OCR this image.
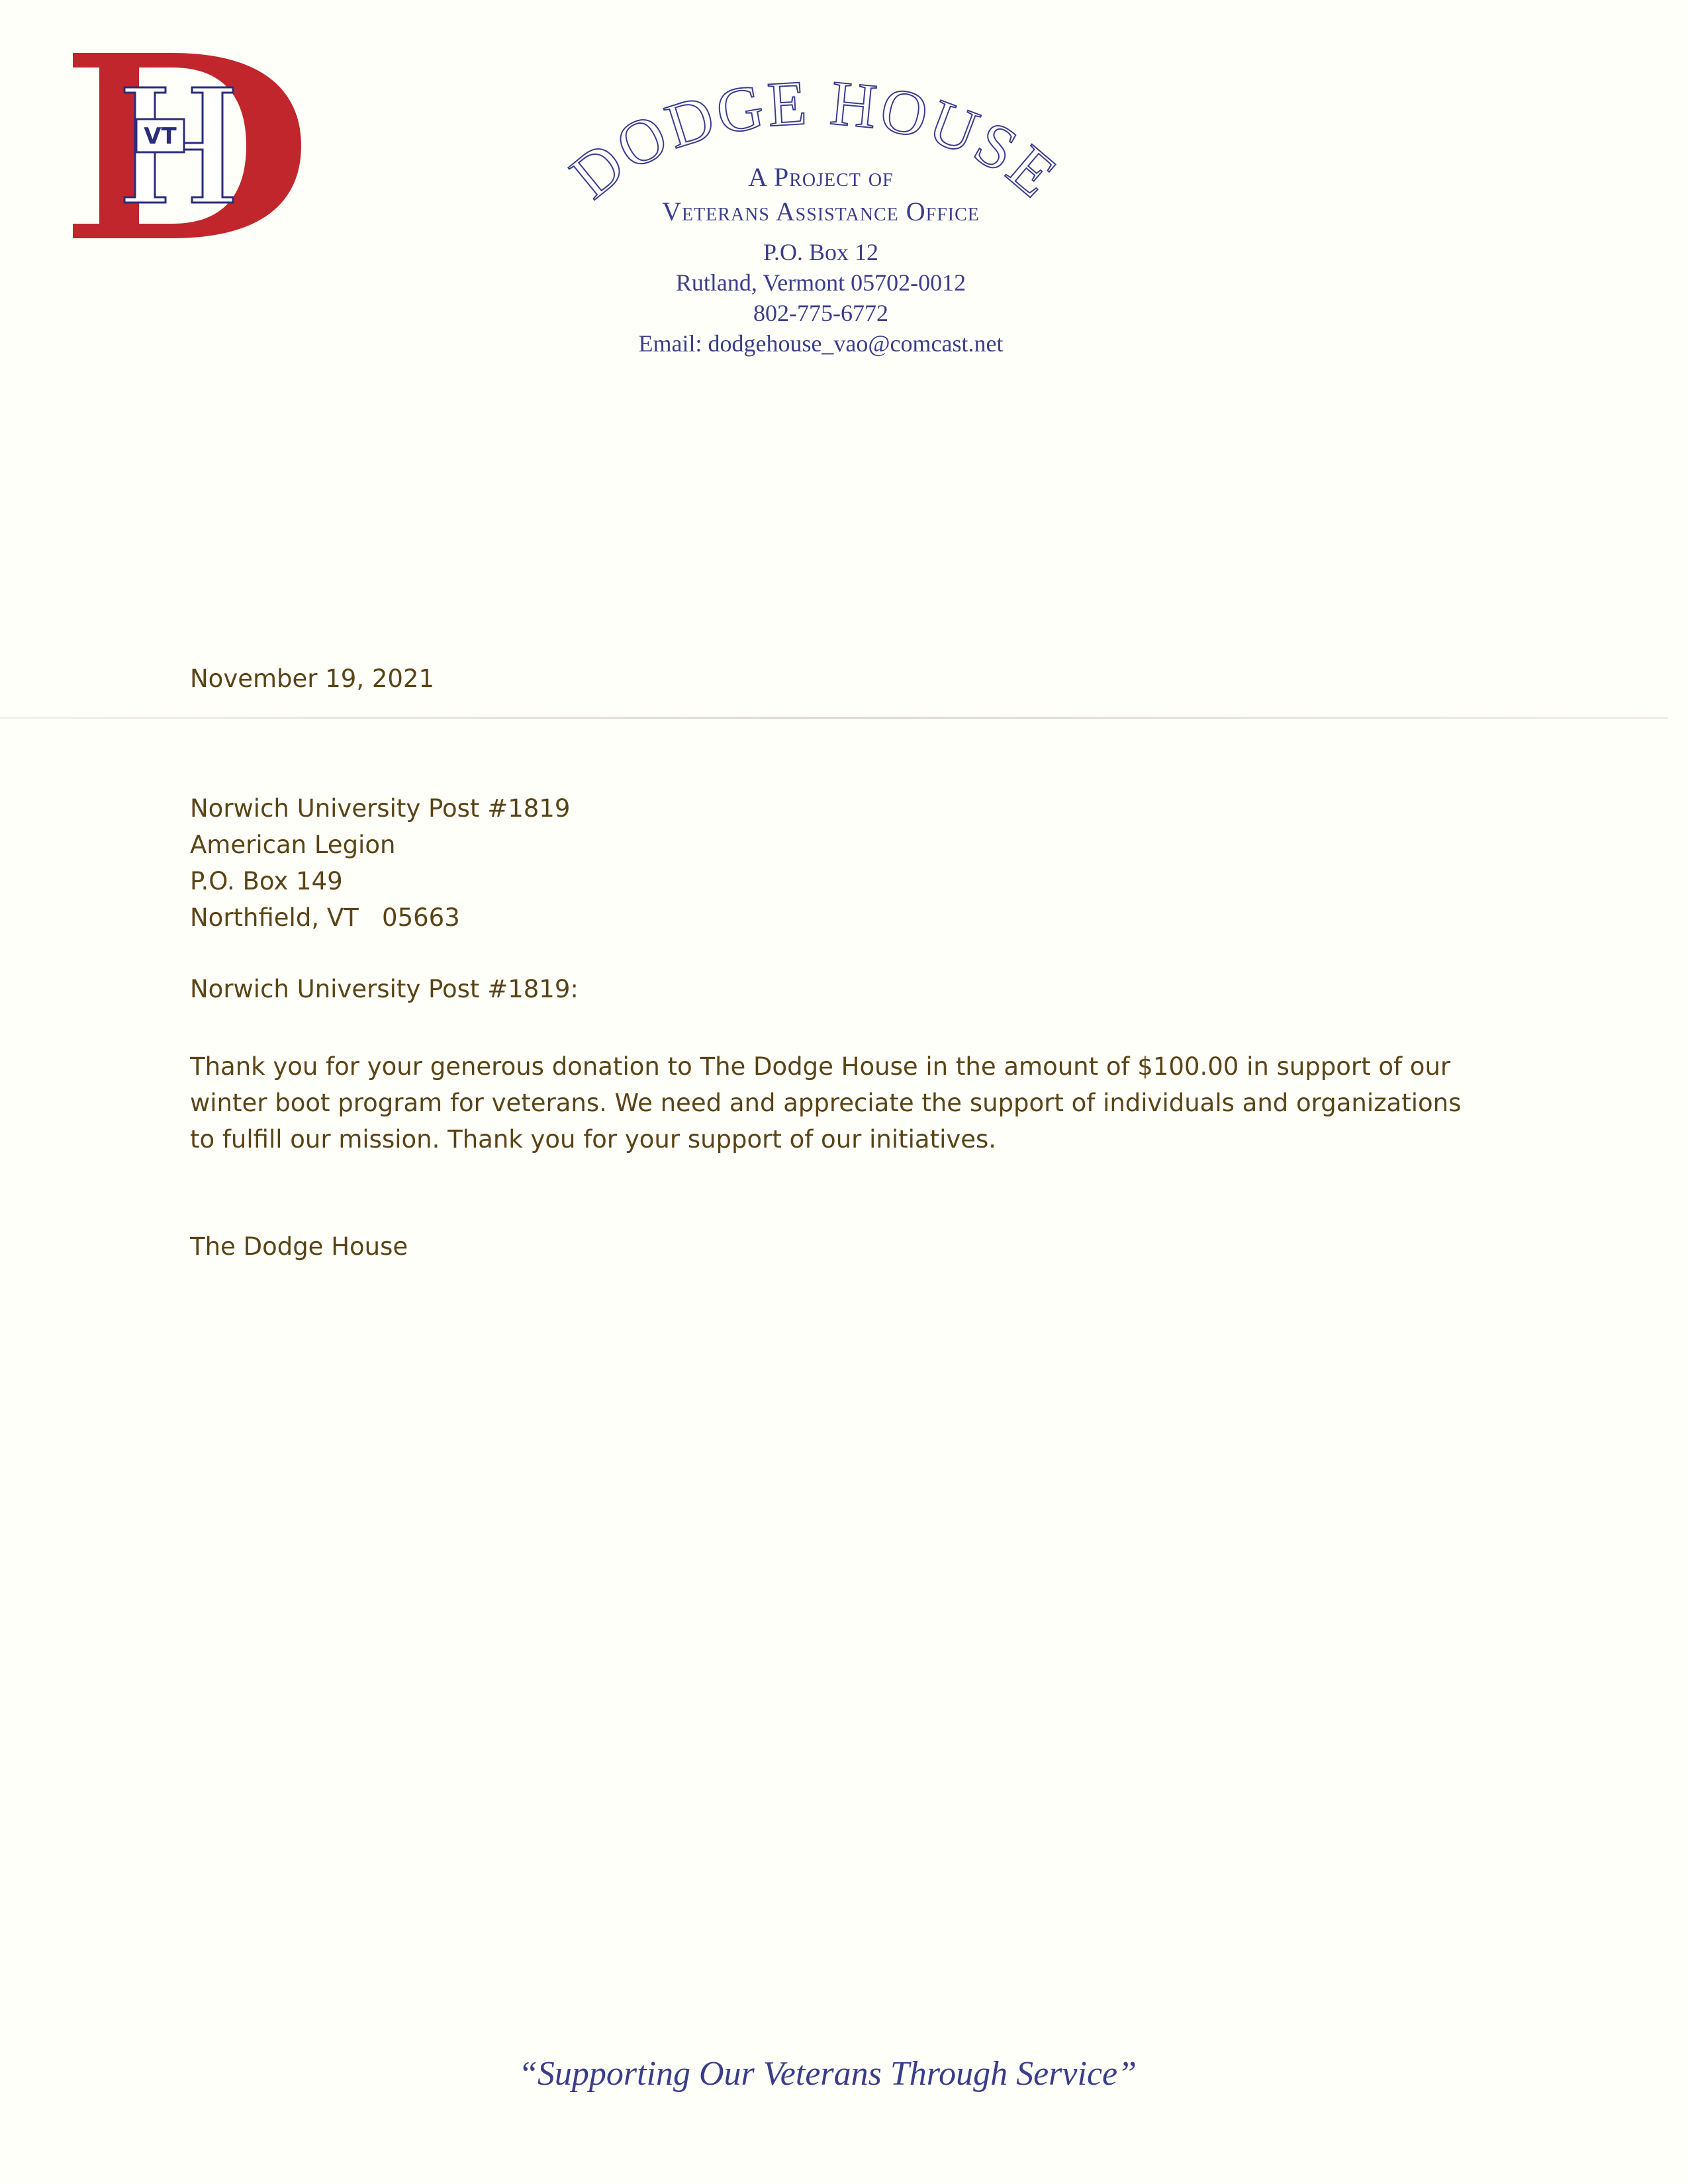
VT	DODGE HOUSE
A Project of
Veterans Assistance Office
P.O. Box 12
Rutland, Vermont 05702-0012
802-775-6772
Email: dodgehouse_vao@comcast.net
November 19, 2021
Norwich University Post #1819
American Legion
P.O. Box 149
Northfield, VT   05663
Norwich University Post #1819:
Thank you for your generous donation to The Dodge House in the amount of $100.00 in support of our
winter boot program for veterans. We need and appreciate the support of individuals and organizations
to fulfill our mission. Thank you for your support of our initiatives.
The Dodge House
“Supporting Our Veterans Through Service”
